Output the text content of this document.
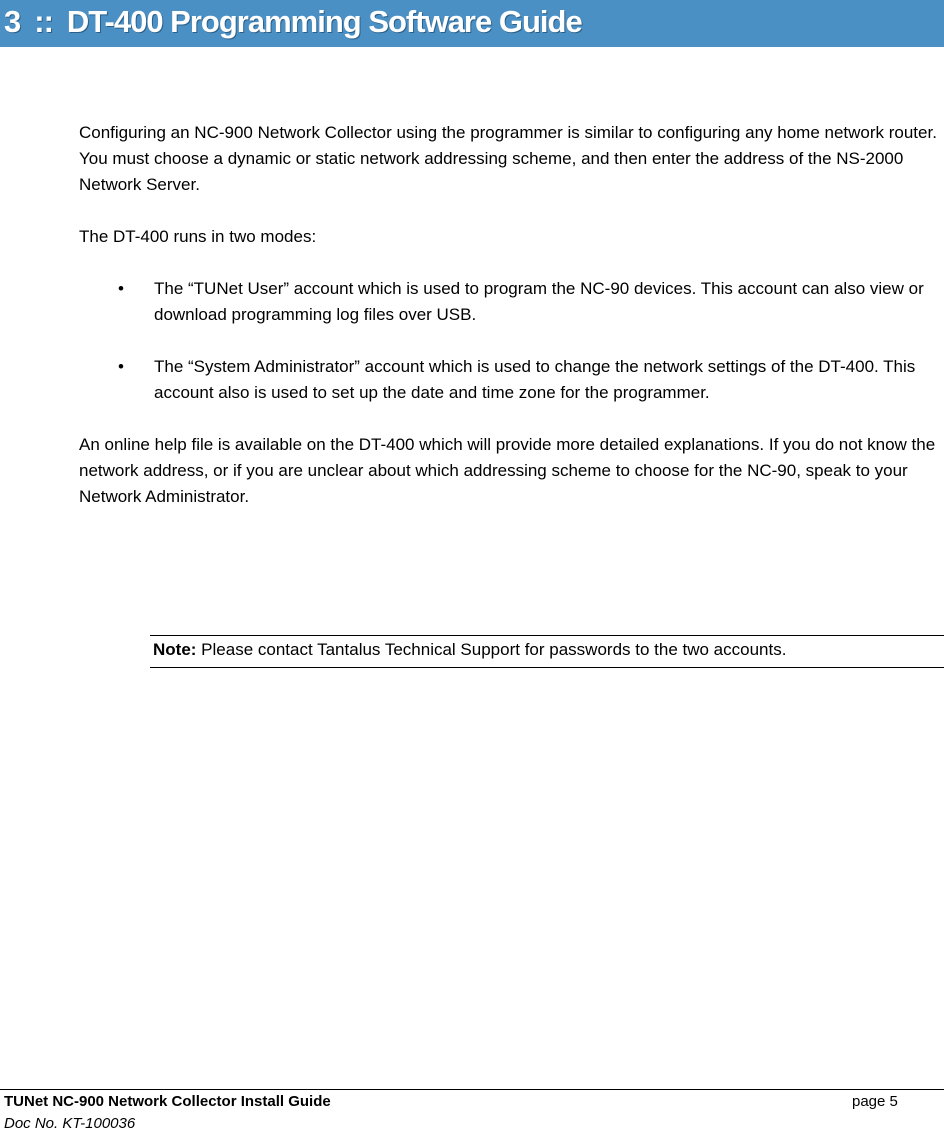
3 :: DT-400 Programming Software Guide

Configuring an NC-900 Network Collector using the programmer is similar to configuring any home network router. You must choose a dynamic or static network addressing scheme, and then enter the address of the NS-2000 Network Server.

The DT-400 runs in two modes:

• The “TUNet User” account which is used to program the NC-90 devices. This account can also view or download programming log files over USB.
• The “System Administrator” account which is used to change the network settings of the DT-400. This account also is used to set up the date and time zone for the programmer.

An online help file is available on the DT-400 which will provide more detailed explanations. If you do not know the network address, or if you are unclear about which addressing scheme to choose for the NC-90, speak to your Network Administrator.

Note: Please contact Tantalus Technical Support for passwords to the two accounts.
TUNet NC-900 Network Collector Install Guide	page 5
Doc No. KT-100036
